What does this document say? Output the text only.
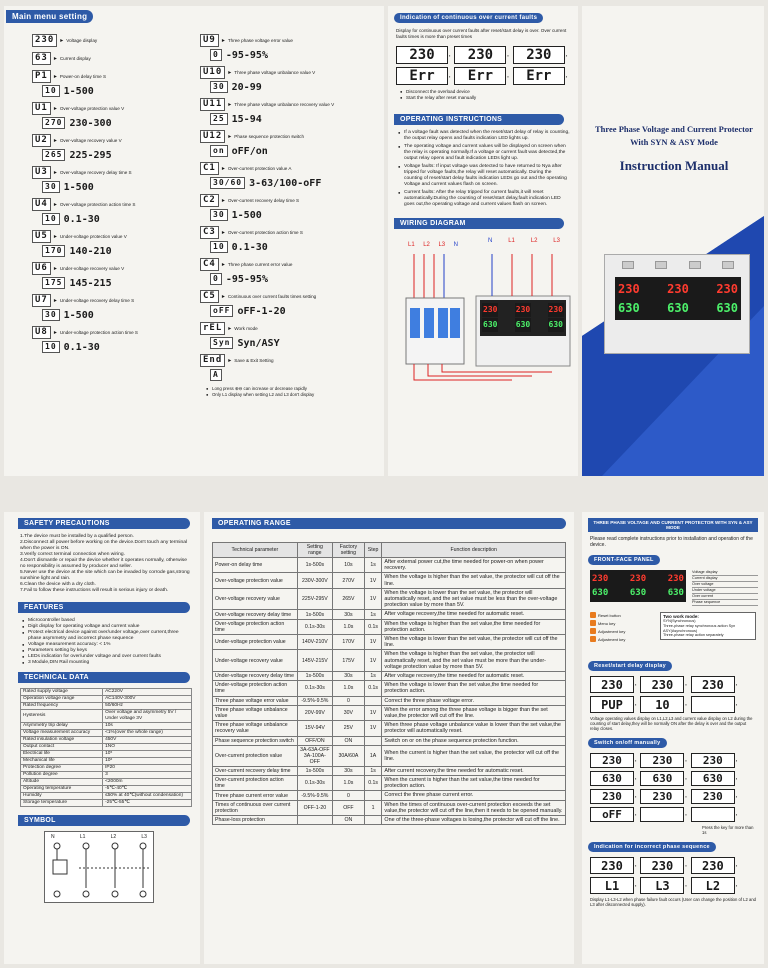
Main menu setting
230	▸ Voltage display
63	▸ Current display
P1	▸ Power-on delay time S
10 1-500
U1	▸ Over-voltage protection value V
270 230-300
U2	▸ Over-voltage recovery value V
265 225-295
U3	▸ Over-voltage recovery delay time S
30 1-500
U4	▸ Over-voltage protection action time S
10 0.1-30
U5	▸ Under-voltage protection value V
170 140-210
U6	▸ Under-voltage recovery value V
175 145-215
U7	▸ Under-voltage recovery delay time S
30 1-500
U8	▸ Under-voltage protection action time S
10 0.1-30
U9	▸ Three phase voltage error value
0 -95-95%
U10	▸ Three phase voltage unbalance value V
30 20-99
U11	▸ Three phase voltage unbalance recovery value V
25 15-94
U12	▸ Phase sequence protection switch
on oFF/on
C1	▸ Over-current protection value A
30/60 3-63/100-oFF
C2	▸ Over-current recovery delay time S
30 1-500
C3	▸ Over-current protection action time S
10 0.1-30
C4	▸ Three phase current error value
0 -95-95%
C5	▸ Continuous over current faults times setting
oFF oFF-1-20
rEL	▸ Work mode
Syn Syn/ASY
End	▸ Save & Exit Setting
A
● Long press ⊕⊖ can increase or decrease rapidly
● Only L1 display when setting L2 and L3 don't display
Indication of continuous over current faults
Display for continuous over current faults after reset/start delay is over. Over current faults times is more than preset times
230	▪	230	▪	230	▪
Err	▪	Err	▪	Err	▪
● Disconnect the overload device
● Start the relay after reset manually
OPERATING INSTRUCTIONS
● If a voltage fault was detected when the reset/start delay of relay is counting, the output relay opens and faults indication LED lights up.
● The operating voltage and current values will be displayed on screen when the relay is operating normally.If a voltage or current fault was detected,the output relay opens and fault indication LEDs light up.
● Voltage faults: If input voltage was detected to have returned to Nya after tripped for voltage faults,the relay will reset automatically. During the counting of reset/start delay faults indication LEDs go out and the operating Voltage and current values flash on screen.
● Current faults: After the relay tripped for current faults,it will reset automatically.During the counting of reset/start delay,fault indication LED goes out,the operating voltage and current values flash on screen.
WIRING DIAGRAM
L1 L2 L3 N
N	L1	L2	L3
230 230 230
630 630 630
Three Phase Voltage and Current Protector
With SYN & ASY Mode
Instruction Manual
230 230 230
630 630 630
SAFETY PRECAUTIONS
1.The device must be installed by a qualified person.
2.Disconnect all power before working on the device.Don't touch any terminal when the power is ON.
3.Verify correct terminal connection when wiring.
4.Don't dismantle or repair the device whether it operates normally, otherwise no responsibility is assumed by producer and seller.
5.Never use the device at the site which can be invaded by corrode gas,strong sunshine light and rain.
6.Clean the device with a dry cloth.
7.Fail to follow these instructions will result in serious injury or death.
FEATURES
● Microcontroller based
● Digit display for operating voltage and current value
● Protect electrical device against over/under voltage,over current,three phase asymmetry and incorrect phase sequence
● Voltage measurement accuracy: < 1%
● Parameters setting by keys
● LEDs indication for over/under voltage and over current faults
● 3 Module,DIN Rail mounting
TECHNICAL DATA
Rated supply voltage	AC220V
Operation voltage range	AC140V-300V
Rated frequency	50/60Hz
Hysteresis	Over voltage and asymmetry 5V / Under voltage 3V
Asymmetry trip delay	10s
Voltage measurement accuracy	<1%(over the whole range)
Rated insulation voltage	450V
Output contact	1NO
Electrical life	10⁵
Mechanical life	10⁶
Protection degree	IP20
Pollution degree	3
Altitude	<2000m
Operating temperature	-5℃-40℃
Humidity	≤50% at 40℃(without condensation)
Storage temperature	-25℃-55℃
SYMBOL
N	L1	L2	L3
OPERATING RANGE
Technical parameter	Setting range	Factory setting	Step	Function description
Power-on delay time	1s-500s	10s	1s	After external power cut,the time needed for power-on when power recovery.
Over-voltage protection value	230V-300V	270V	1V	When the voltage is higher than the set value, the protector will cut off the line.
Over-voltage recovery value	225V-295V	265V	1V	When the voltage is lower than the set value, the protector will automatically reset, and the set value must be less than the over-voltage protection value by more than 5V.
Over-voltage recovery delay time	1s-500s	30s	1s	After voltage recovery,the time needed for automatic reset.
Over-voltage protection action time	0.1s-30s	1.0s	0.1s	When the voltage is higher than the set value,the time needed for protection action.
Under-voltage protection value	140V-210V	170V	1V	When the voltage is lower than the set value, the protector will cut off the line.
Under-voltage recovery value	145V-215V	175V	1V	When the voltage is higher than the set value, the protector will automatically reset, and the set value must be more than the under-voltage protection value by more than 5V.
Under-voltage recovery delay time	1s-500s	30s	1s	After voltage recovery,the time needed for automatic reset.
Under-voltage protection action time	0.1s-30s	1.0s	0.1s	When the voltage is lower than the set value,the time needed for protection action.
Three phase voltage error value	-9.5%-9.5%	0		Correct the three phase voltage error.
Three phase voltage unbalance value	20V-99V	30V	1V	When the error among the three phase voltage is bigger than the set value,the protector will cut off the line.
Three phase voltage unbalance recovery value	15V-94V	25V	1V	When three phase voltage unbalance value is lower than the set value,the protector will automatically reset.
Phase sequence protection switch	OFF/ON	ON		Switch on or on the phase sequence protection function.
Over-current protection value	3A-63A-OFF 3A-100A-OFF	30A/60A	1A	When the current is higher than the set value, the protector will cut off the line.
Over-current recovery delay time	1s-500s	30s	1s	After current recovery,the time needed for automatic reset.
Over-current protection action time	0.1s-30s	1.0s	0.1s	When the current is higher than the set value,the time needed for protection action.
Three phase current error value	-9.5%-9.5%	0		Correct the three phase current error.
Times of continuous over current protection	OFF-1-20	OFF	1	When the times of continuous over-current protection exceeds the set value,the protector will cut off the line,then it needs to be opened manually.
Phase-loss protection		ON		One of the three-phase voltages is losing,the protector will cut off the line.
THREE PHASE VOLTAGE AND CURRENT PROTECTOR WITH SYN & ASY MODE
Please read complete instructions prior to installation and operation of the device.
FRONT-FACE PANEL
230 230 230
630 630 630
Voltage display
Current display
Over voltage
Under voltage
Over current
Phase sequence
Reset button
Menu key
Adjustment key
Adjustment key
Two work mode:
SYN(Synchronous)
Three-phase relay synchronous action Syn
ASY(Asynchronous)
Three-phase relay action separately
Reset/start delay display
230	▪	230	▪	230	▪
PUP	▪	10	▪	▪
Voltage operating values display on L1,L2,L3 and current value display on L2 during the counting of start delay,they will be normally ON after the delay is over and the output relay closes.
Switch on/off manually
230	▪	230	▪	230	▪
630	▪	630	▪	630	▪
230	▪	230	▪	230	▪
oFF	▪	▪	▪
Press the key for more than 1s
Indication for incorrect phase sequence
230	▪	230	▪	230	▪
L1	▪	L3	▪	L2	▪
Display L1-L3-L2 when phase failure fault occurs (User can change the position of L2 and L3 after disconnected supply).
